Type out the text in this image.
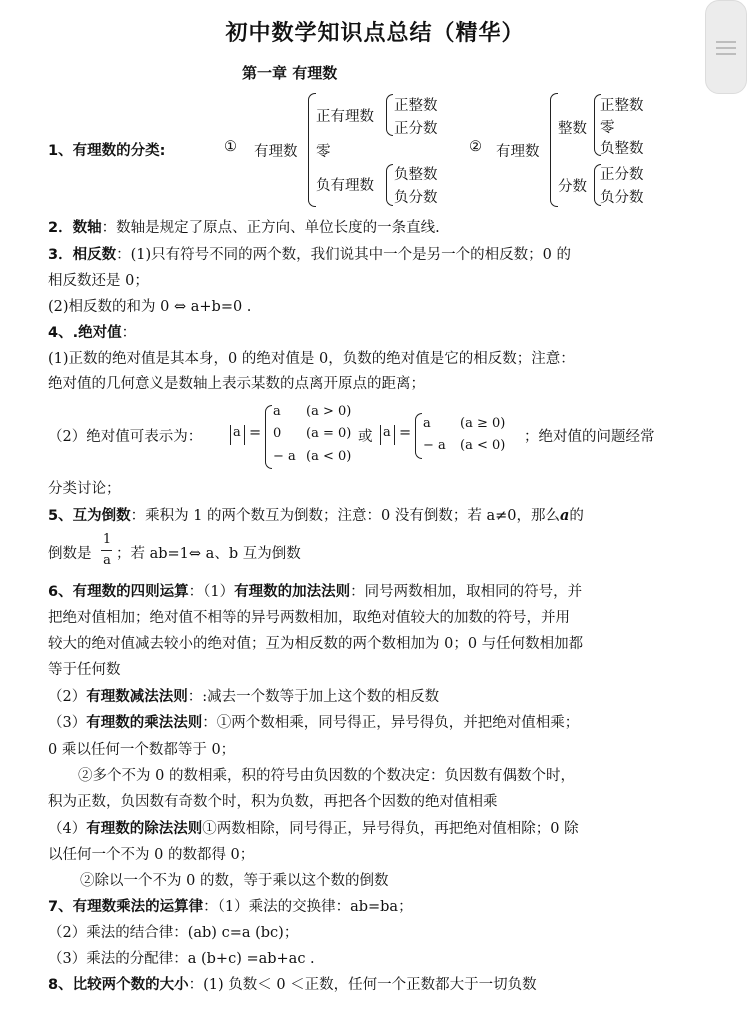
初中数学知识点总结（精华）
第一章 有理数
1、有理数的分类:	① 有理数
正有理数
正整数
正分数
零
负有理数
负整数
负分数
② 有理数
整数
正整数
零
负整数
分数
正分数
负分数
2．数轴：数轴是规定了原点、正方向、单位长度的一条直线.
3．相反数：(1)只有符号不同的两个数，我们说其中一个是另一个的相反数；0 的
相反数还是 0；
(2)相反数的和为 0 ⇔ a+b=0 .
4、.绝对值：
(1)正数的绝对值是其本身，0 的绝对值是 0，负数的绝对值是它的相反数；注意：
绝对值的几何意义是数轴上表示某数的点离开原点的距离；
（2）绝对值可表示为： a =
a
0
− a
(a > 0)
(a = 0)
(a < 0)
或 a =
a
− a
(a ≥ 0)
(a < 0)
；绝对值的问题经常
分类讨论；
5、互为倒数：乘积为 1 的两个数互为倒数；注意：0 没有倒数；若 a≠0，那么a的
倒数是
1
a ；若 ab=1⇔ a、b 互为倒数
6、有理数的四则运算：（1）有理数的加法法则：同号两数相加，取相同的符号，并
把绝对值相加；绝对值不相等的异号两数相加，取绝对值较大的加数的符号，并用
较大的绝对值减去较小的绝对值；互为相反数的两个数相加为 0；0 与任何数相加都
等于任何数
（2）有理数减法法则：:减去一个数等于加上这个数的相反数
（3）有理数的乘法法则：①两个数相乘，同号得正，异号得负，并把绝对值相乘；
0 乘以任何一个数都等于 0；
②多个不为 0 的数相乘，积的符号由负因数的个数决定：负因数有偶数个时，
积为正数，负因数有奇数个时，积为负数，再把各个因数的绝对值相乘
（4）有理数的除法法则①两数相除，同号得正，异号得负，再把绝对值相除；0 除
以任何一个不为 0 的数都得 0；
②除以一个不为 0 的数，等于乘以这个数的倒数
7、有理数乘法的运算律：（1）乘法的交换律：ab=ba；
（2）乘法的结合律：(ab) c=a (bc)；
（3）乘法的分配律：a (b+c) =ab+ac .
8、比较两个数的大小：(1) 负数＜ 0 ＜正数，任何一个正数都大于一切负数
